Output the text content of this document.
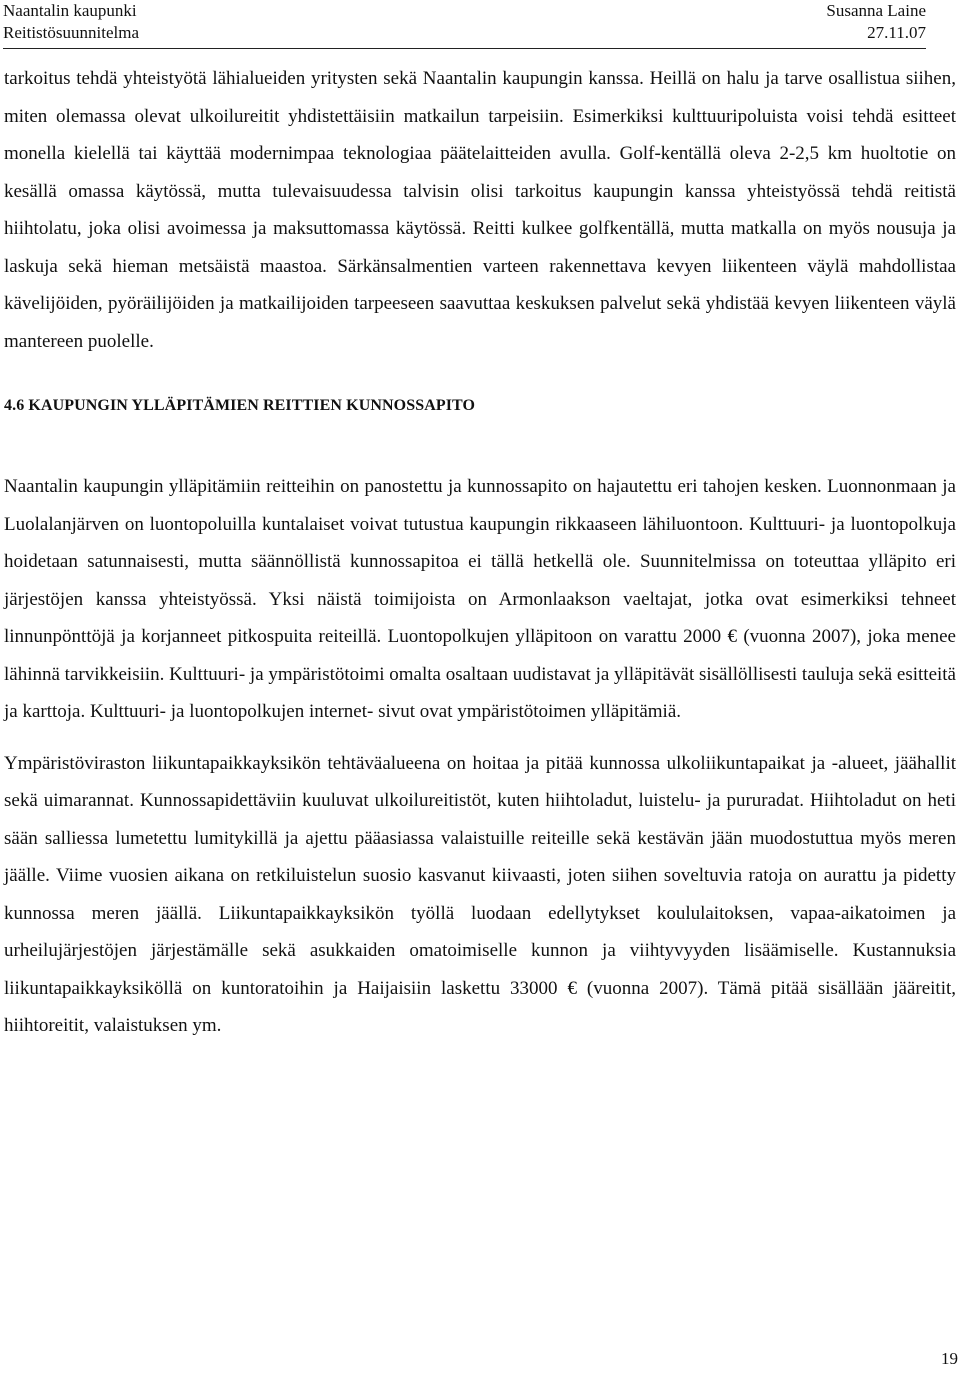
Naantalin kaupunki
Reitistösuunnitelma
Susanna Laine
27.11.07

tarkoitus tehdä yhteistyötä lähialueiden yritysten sekä Naantalin kaupungin kanssa. Heillä on halu ja tarve osallistua siihen, miten olemassa olevat ulkoilureitit yhdistettäisiin matkailun tarpeisiin. Esimerkiksi kulttuuripoluista voisi tehdä esitteet monella kielellä tai käyttää modernimpaa teknologiaa päätelaitteiden avulla. Golf-kentällä oleva 2-2,5 km huoltotie on kesällä omassa käytössä, mutta tulevaisuudessa talvisin olisi tarkoitus kaupungin kanssa yhteistyössä tehdä reitistä hiihtolatu, joka olisi avoimessa ja maksuttomassa käytössä. Reitti kulkee golfkentällä, mutta matkalla on myös nousuja ja laskuja sekä hieman metsäistä maastoa. Särkänsalmentien varteen rakennettava kevyen liikenteen väylä mahdollistaa kävelijöiden, pyöräilijöiden ja matkailijoiden tarpeeseen saavuttaa keskuksen palvelut sekä yhdistää kevyen liikenteen väylä mantereen puolelle.

4.6 KAUPUNGIN YLLÄPITÄMIEN REITTIEN KUNNOSSAPITO

Naantalin kaupungin ylläpitämiin reitteihin on panostettu ja kunnossapito on hajautettu eri tahojen kesken. Luonnonmaan ja Luolalanjärven on luontopoluilla kuntalaiset voivat tutustua kaupungin rikkaaseen lähiluontoon. Kulttuuri- ja luontopolkuja hoidetaan satunnaisesti, mutta säännöllistä kunnossapitoa ei tällä hetkellä ole. Suunnitelmissa on toteuttaa ylläpito eri järjestöjen kanssa yhteistyössä. Yksi näistä toimijoista on Armonlaakson vaeltajat, jotka ovat esimerkiksi tehneet linnunpönttöjä ja korjanneet pitkospuita reiteillä. Luontopolkujen ylläpitoon on varattu 2000 € (vuonna 2007), joka menee lähinnä tarvikkeisiin. Kulttuuri- ja ympäristötoimi omalta osaltaan uudistavat ja ylläpitävät sisällöllisesti tauluja sekä esitteitä ja karttoja. Kulttuuri- ja luontopolkujen internet- sivut ovat ympäristötoimen ylläpitämiä.

Ympäristöviraston liikuntapaikkayksikön tehtäväalueena on hoitaa ja pitää kunnossa ulkoliikuntapaikat ja -alueet, jäähallit sekä uimarannat. Kunnossapidettäviin kuuluvat ulkoilureitistöt, kuten hiihtoladut, luistelu- ja pururadat. Hiihtoladut on heti sään salliessa lumetettu lumitykillä ja ajettu pääasiassa valaistuille reiteille sekä kestävän jään muodostuttua myös meren jäälle. Viime vuosien aikana on retkiluistelun suosio kasvanut kiivaasti, joten siihen soveltuvia ratoja on aurattu ja pidetty kunnossa meren jäällä. Liikuntapaikkayksikön työllä luodaan edellytykset koululaitoksen, vapaa-aikatoimen ja urheilujärjestöjen järjestämälle sekä asukkaiden omatoimiselle kunnon ja viihtyvyyden lisäämiselle. Kustannuksia liikuntapaikkayksiköllä on kuntoratoihin ja Haijaisiin laskettu 33000 € (vuonna 2007). Tämä pitää sisällään jääreitit, hiihtoreitit, valaistuksen ym.

19
